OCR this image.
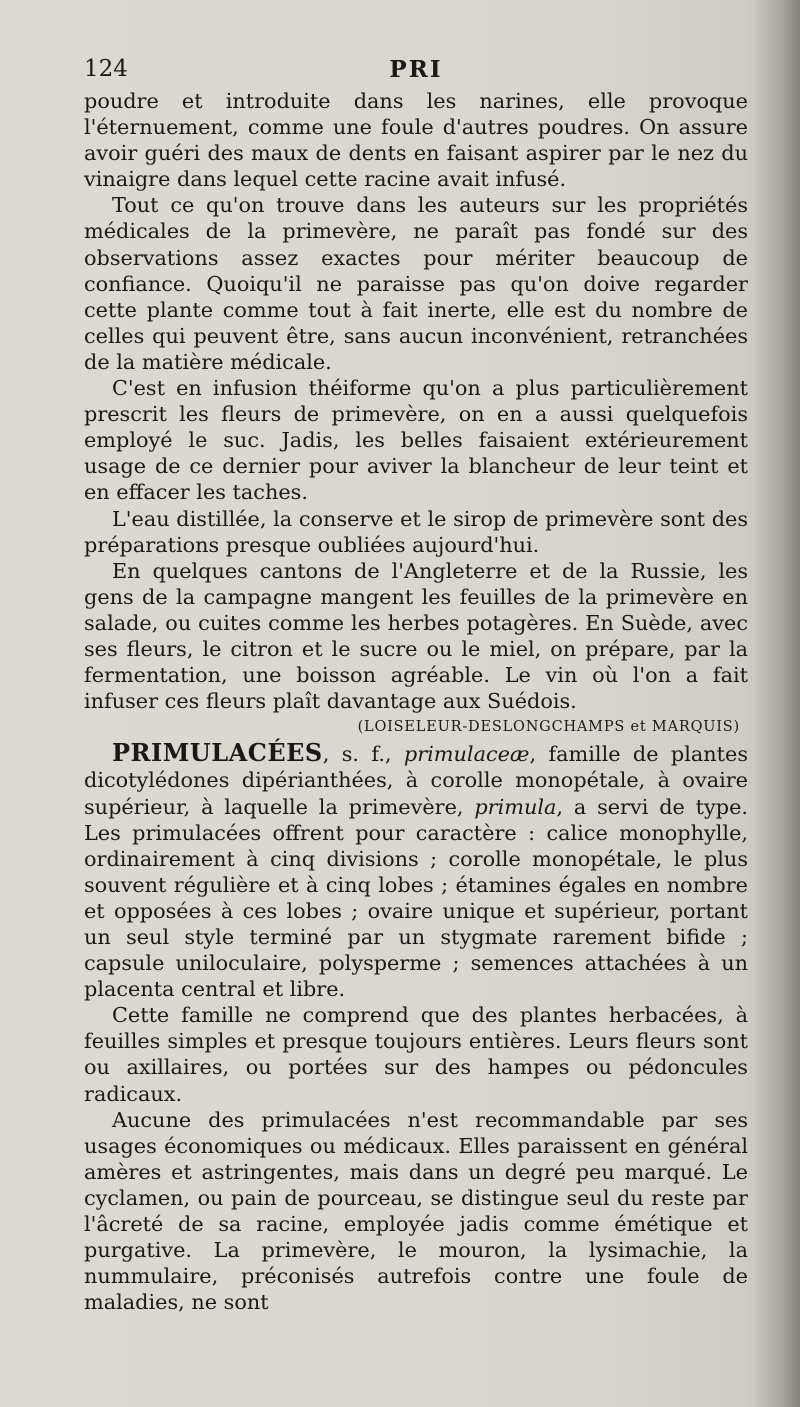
124	PRI

poudre et introduite dans les narines, elle provoque l'éternuement, comme une foule d'autres poudres. On assure avoir guéri des maux de dents en faisant aspirer par le nez du vinaigre dans lequel cette racine avait infusé.

Tout ce qu'on trouve dans les auteurs sur les propriétés médicales de la primevère, ne paraît pas fondé sur des observations assez exactes pour mériter beaucoup de confiance. Quoiqu'il ne paraisse pas qu'on doive regarder cette plante comme tout à fait inerte, elle est du nombre de celles qui peuvent être, sans aucun inconvénient, retranchées de la matière médicale.

C'est en infusion théiforme qu'on a plus particulièrement prescrit les fleurs de primevère, on en a aussi quelquefois employé le suc. Jadis, les belles faisaient extérieurement usage de ce dernier pour aviver la blancheur de leur teint et en effacer les taches.

L'eau distillée, la conserve et le sirop de primevère sont des préparations presque oubliées aujourd'hui.

En quelques cantons de l'Angleterre et de la Russie, les gens de la campagne mangent les feuilles de la primevère en salade, ou cuites comme les herbes potagères. En Suède, avec ses fleurs, le citron et le sucre ou le miel, on prépare, par la fermentation, une boisson agréable. Le vin où l'on a fait infuser ces fleurs plaît davantage aux Suédois.

(LOISELEUR-DESLONGCHAMPS et MARQUIS)

PRIMULACÉES, s. f., primulaceæ, famille de plantes dicotylédones dipérianthées, à corolle monopétale, à ovaire supérieur, à laquelle la primevère, primula, a servi de type. Les primulacées offrent pour caractère : calice monophylle, ordinairement à cinq divisions ; corolle monopétale, le plus souvent régulière et à cinq lobes ; étamines égales en nombre et opposées à ces lobes ; ovaire unique et supérieur, portant un seul style terminé par un stygmate rarement bifide ; capsule uniloculaire, polysperme ; semences attachées à un placenta central et libre.

Cette famille ne comprend que des plantes herbacées, à feuilles simples et presque toujours entières. Leurs fleurs sont ou axillaires, ou portées sur des hampes ou pédoncules radicaux.

Aucune des primulacées n'est recommandable par ses usages économiques ou médicaux. Elles paraissent en général amères et astringentes, mais dans un degré peu marqué. Le cyclamen, ou pain de pourceau, se distingue seul du reste par l'âcreté de sa racine, employée jadis comme émétique et purgative. La primevère, le mouron, la lysimachie, la nummulaire, préconisés autrefois contre une foule de maladies, ne sont
